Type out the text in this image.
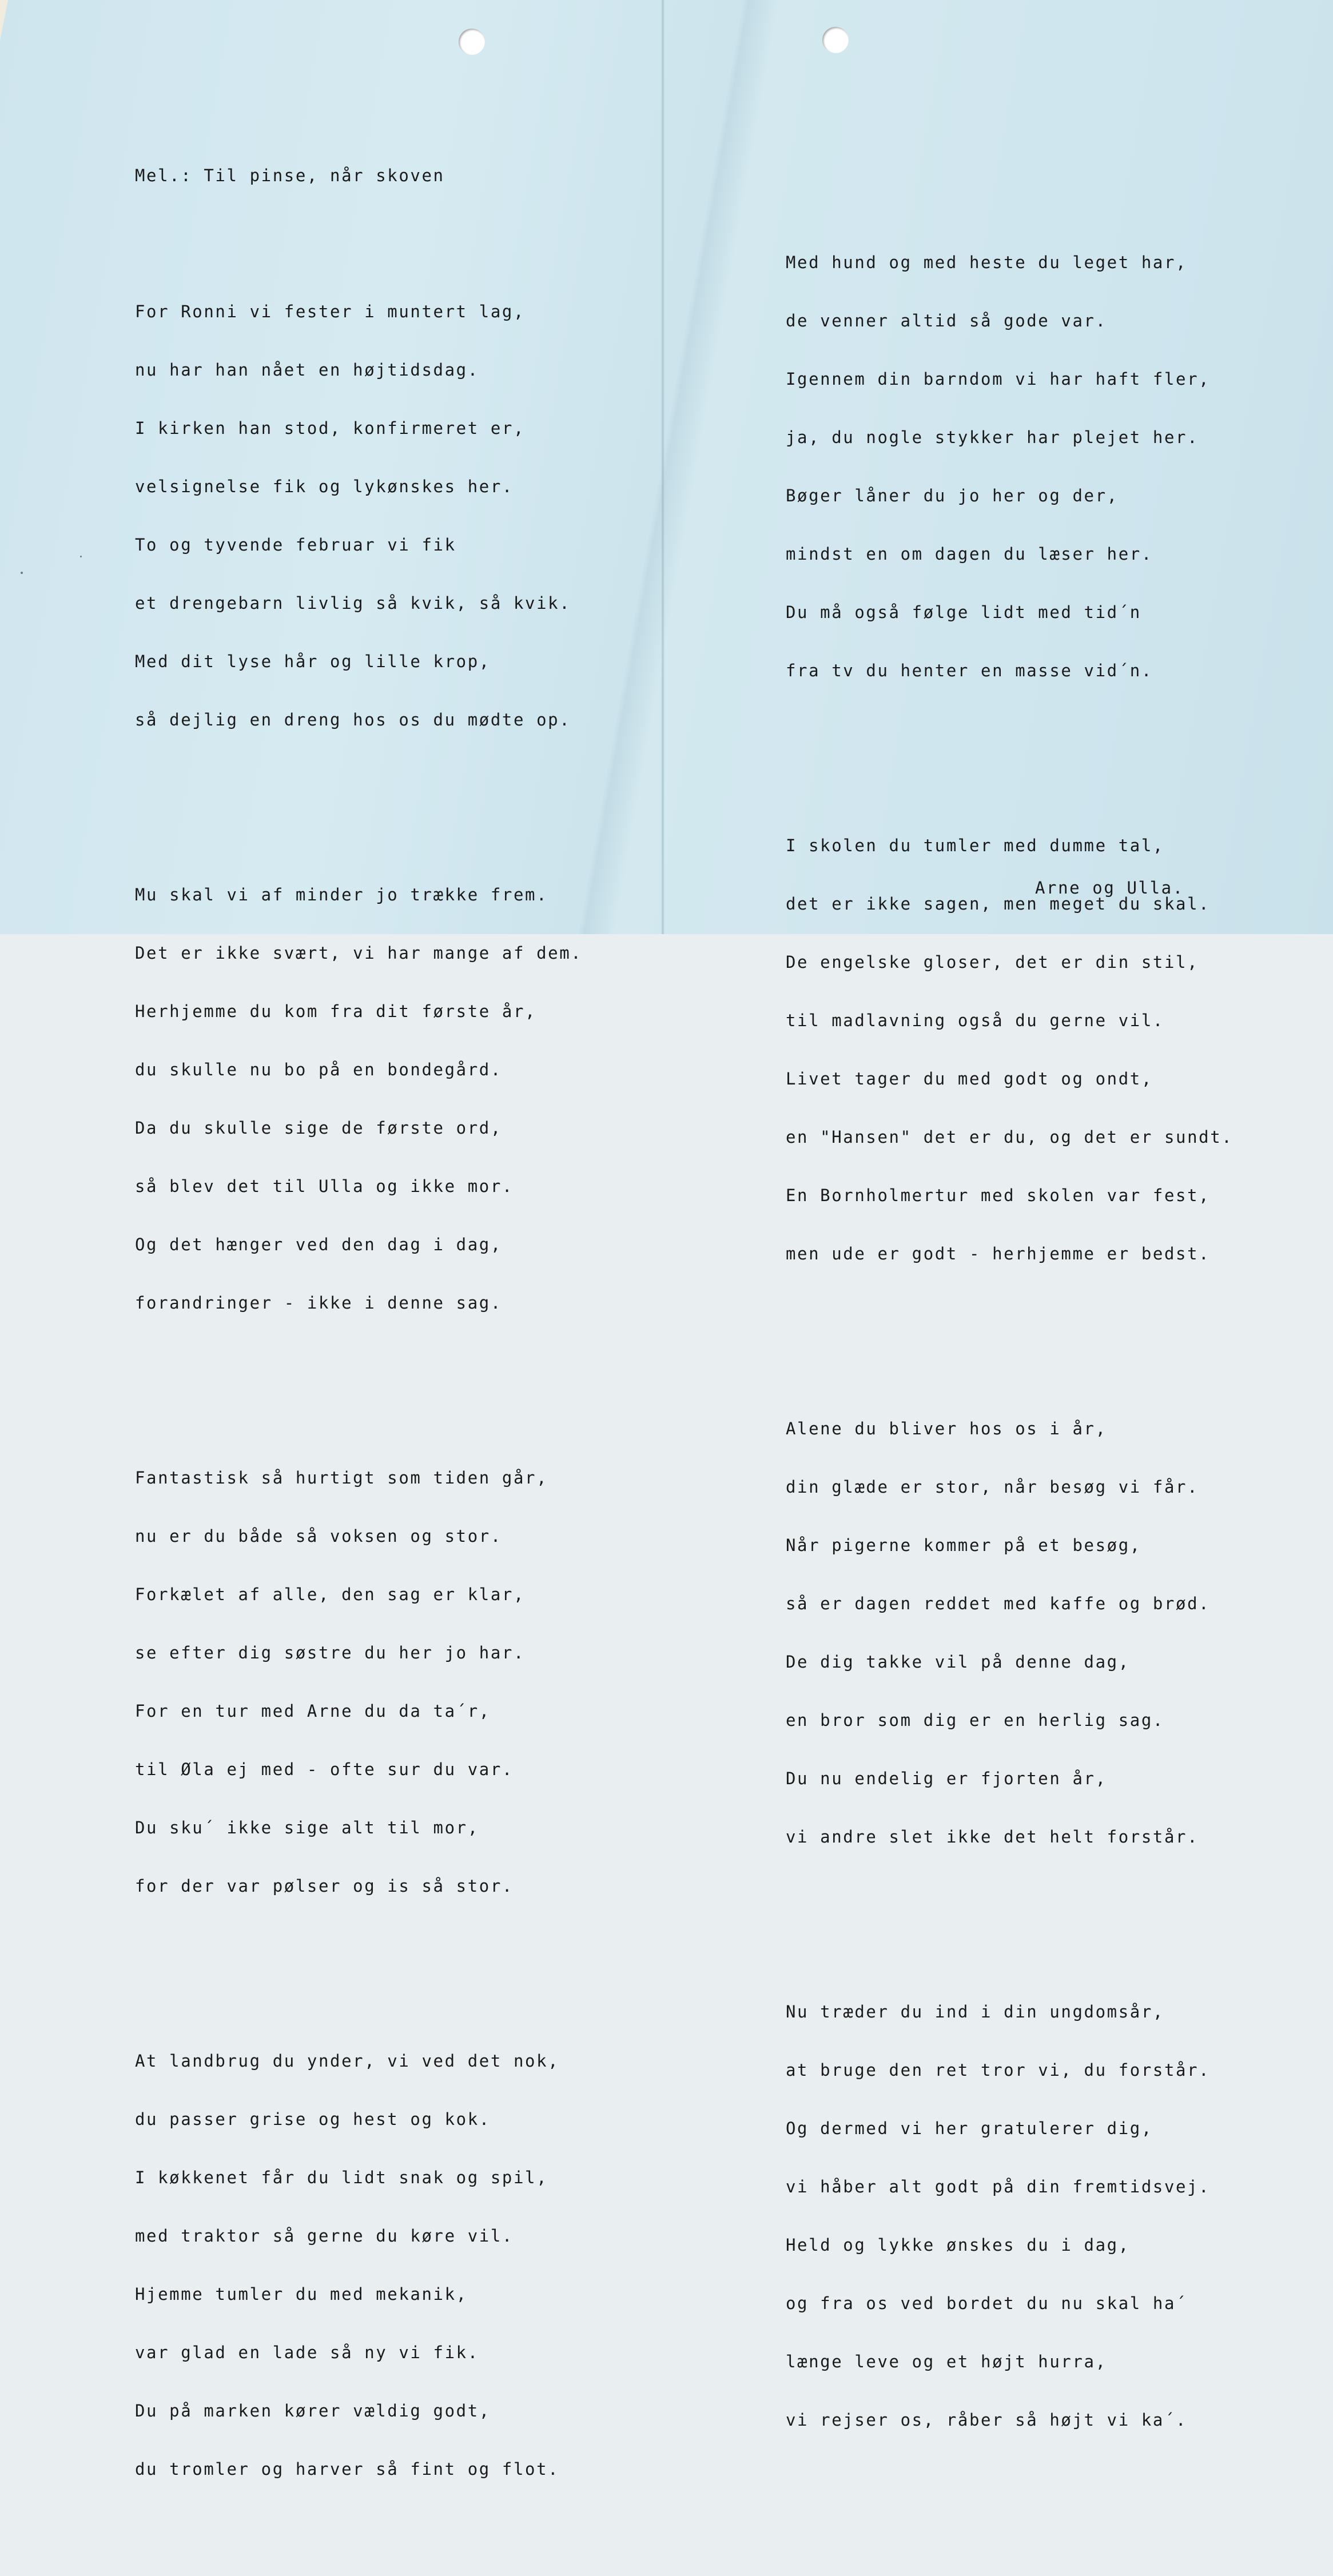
Mel.: Til pinse, når skoven

For Ronni vi fester i muntert lag,

nu har han nået en højtidsdag.

I kirken han stod, konfirmeret er,

velsignelse fik og lykønskes her.

To og tyvende februar vi fik

et drengebarn livlig så kvik, så kvik.

Med dit lyse hår og lille krop,

så dejlig en dreng hos os du mødte op.

Mu skal vi af minder jo trække frem.

Det er ikke svært, vi har mange af dem.

Herhjemme du kom fra dit første år,

du skulle nu bo på en bondegård.

Da du skulle sige de første ord,

så blev det til Ulla og ikke mor.

Og det hænger ved den dag i dag,

forandringer - ikke i denne sag.

Fantastisk så hurtigt som tiden går,

nu er du både så voksen og stor.

Forkælet af alle, den sag er klar,

se efter dig søstre du her jo har.

For en tur med Arne du da ta´r,

til Øla ej med - ofte sur du var.

Du sku´ ikke sige alt til mor,

for der var pølser og is så stor.

At landbrug du ynder, vi ved det nok,

du passer grise og hest og kok.

I køkkenet får du lidt snak og spil,

med traktor så gerne du køre vil.

Hjemme tumler du med mekanik,

var glad en lade så ny vi fik.

Du på marken kører vældig godt,

du tromler og harver så fint og flot.

Med hund og med heste du leget har,

de venner altid så gode var.

Igennem din barndom vi har haft fler,

ja, du nogle stykker har plejet her.

Bøger låner du jo her og der,

mindst en om dagen du læser her.

Du må også følge lidt med tid´n

fra tv du henter en masse vid´n.

I skolen du tumler med dumme tal,

det er ikke sagen, men meget du skal.

De engelske gloser, det er din stil,

til madlavning også du gerne vil.

Livet tager du med godt og ondt,

en "Hansen" det er du, og det er sundt.

En Bornholmertur med skolen var fest,

men ude er godt - herhjemme er bedst.

Alene du bliver hos os i år,

din glæde er stor, når besøg vi får.

Når pigerne kommer på et besøg,

så er dagen reddet med kaffe og brød.

De dig takke vil på denne dag,

en bror som dig er en herlig sag.

Du nu endelig er fjorten år,

vi andre slet ikke det helt forstår.

Nu træder du ind i din ungdomsår,

at bruge den ret tror vi, du forstår.

Og dermed vi her gratulerer dig,

vi håber alt godt på din fremtidsvej.

Held og lykke ønskes du i dag,

og fra os ved bordet du nu skal ha´

længe leve og et højt hurra,

vi rejser os, råber så højt vi ka´.

Arne og Ulla.
